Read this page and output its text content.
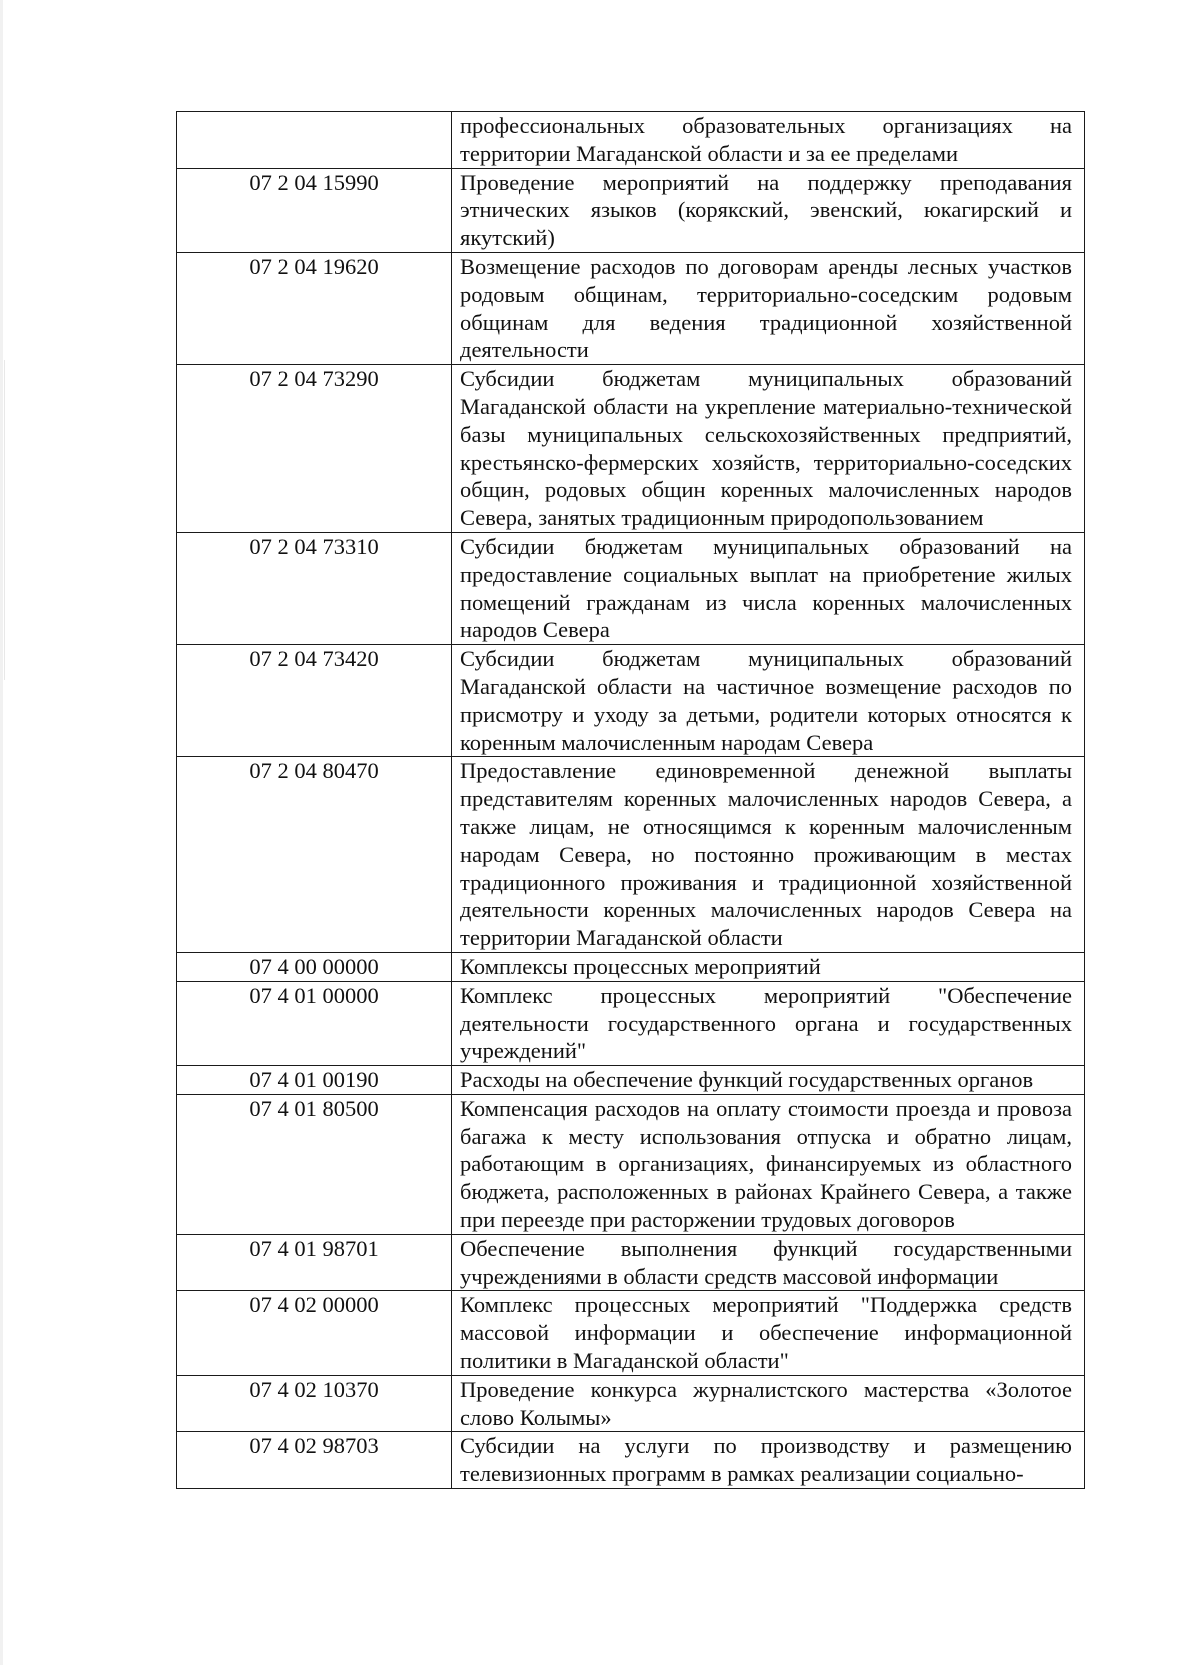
	профессиональных образовательных организациях на территории Магаданской области и за ее пределами
07 2 04 15990	Проведение мероприятий на поддержку преподавания этнических языков (корякский, эвенский, юкагирский и якутский)
07 2 04 19620	Возмещение расходов по договорам аренды лесных участков родовым общинам, территориально-соседским родовым общинам для ведения традиционной хозяйственной деятельности
07 2 04 73290	Субсидии бюджетам муниципальных образований Магаданской области на укрепление материально-технической базы муниципальных сельскохозяйственных предприятий, крестьянско-фермерских хозяйств, территориально-соседских общин, родовых общин коренных малочисленных народов Севера, занятых традиционным природопользованием
07 2 04 73310	Субсидии бюджетам муниципальных образований на предоставление социальных выплат на приобретение жилых помещений гражданам из числа коренных малочисленных народов Севера
07 2 04 73420	Субсидии бюджетам муниципальных образований Магаданской области на частичное возмещение расходов по присмотру и уходу за детьми, родители которых относятся к коренным малочисленным народам Севера
07 2 04 80470	Предоставление единовременной денежной выплаты представителям коренных малочисленных народов Севера, а также лицам, не относящимся к коренным малочисленным народам Севера, но постоянно проживающим в местах традиционного проживания и традиционной хозяйственной деятельности коренных малочисленных народов Севера на территории Магаданской области
07 4 00 00000	Комплексы процессных мероприятий
07 4 01 00000	Комплекс процессных мероприятий "Обеспечение деятельности государственного органа и государственных учреждений"
07 4 01 00190	Расходы на обеспечение функций государственных органов
07 4 01 80500	Компенсация расходов на оплату стоимости проезда и провоза багажа к месту использования отпуска и обратно лицам, работающим в организациях, финансируемых из областного бюджета, расположенных в районах Крайнего Севера, а также при переезде при расторжении трудовых договоров
07 4 01 98701	Обеспечение выполнения функций государственными учреждениями в области средств массовой информации
07 4 02 00000	Комплекс процессных мероприятий "Поддержка средств массовой информации и обеспечение информационной политики в Магаданской области"
07 4 02 10370	Проведение конкурса журналистского мастерства «Золотое слово Колымы»
07 4 02 98703	Субсидии на услуги по производству и размещению телевизионных программ в рамках реализации социально-
